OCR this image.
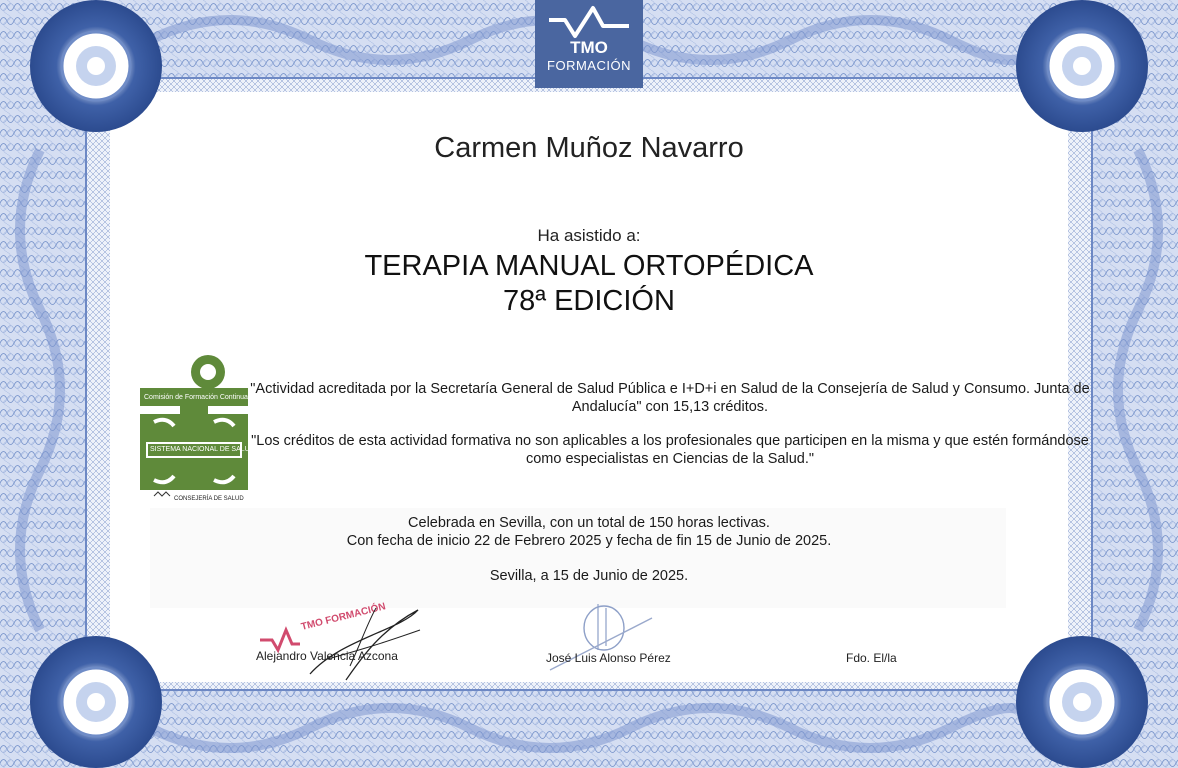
TMO
FORMACIÓN
Carmen Muñoz Navarro
Ha asistido a:
TERAPIA MANUAL ORTOPÉDICA
78ª EDICIÓN
Comisión de Formación Continuada
SISTEMA NACIONAL DE SALUD
CONSEJERÍA DE SALUD

"Actividad acreditada por la Secretaría General de Salud Pública e I+D+i en Salud de la Consejería de Salud y Consumo. Junta de Andalucía" con 15,13 créditos.

"Los créditos de esta actividad formativa no son aplicables a los profesionales que participen en la misma y que estén formándose como especialistas en Ciencias de la Salud."

Celebrada en Sevilla, con un total de 150 horas lectivas.
Con fecha de inicio 22 de Febrero 2025 y fecha de fin 15 de Junio de 2025.
Sevilla, a 15 de Junio de 2025.
TMO FORMACIÓN
Alejandro Valencia Azcona	José Luis Alonso Pérez	Fdo. El/la
